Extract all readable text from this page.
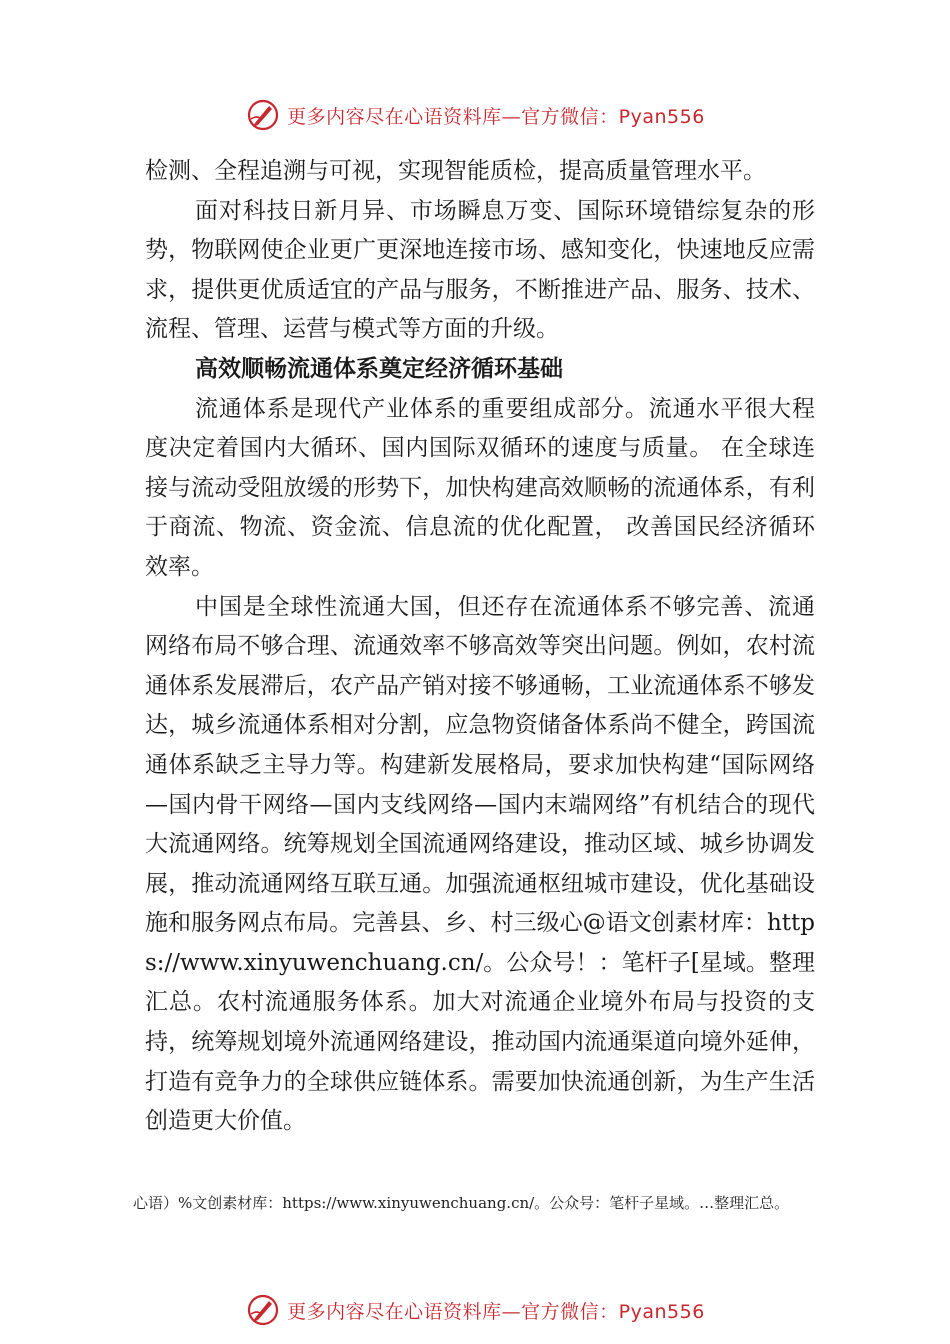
更多内容尽在心语资料库—官方微信：Pyan556

检测、全程追溯与可视，实现智能质检，提高质量管理水平。

面对科技日新月异、市场瞬息万变、国际环境错综复杂的形势，物联网使企业更广更深地连接市场、感知变化，快速地反应需求，提供更优质适宜的产品与服务，不断推进产品、服务、技术、流程、管理、运营与模式等方面的升级。

高效顺畅流通体系奠定经济循环基础

流通体系是现代产业体系的重要组成部分。流通水平很大程度决定着国内大循环、国内国际双循环的速度与质量。 在全球连接与流动受阻放缓的形势下，加快构建高效顺畅的流通体系，有利于商流、物流、资金流、信息流的优化配置， 改善国民经济循环效率。

中国是全球性流通大国，但还存在流通体系不够完善、流通网络布局不够合理、流通效率不够高效等突出问题。例如，农村流通体系发展滞后，农产品产销对接不够通畅，工业流通体系不够发达，城乡流通体系相对分割，应急物资储备体系尚不健全，跨国流通体系缺乏主导力等。构建新发展格局，要求加快构建“国际网络—国内骨干网络—国内支线网络—国内末端网络”有机结合的现代大流通网络。统筹规划全国流通网络建设，推动区域、城乡协调发展，推动流通网络互联互通。加强流通枢纽城市建设，优化基础设施和服务网点布局。完善县、乡、村三级心@语文创素材库：https://www.xinyuwenchuang.cn/。公众号！：笔杆子[星域。整理汇总。农村流通服务体系。加大对流通企业境外布局与投资的支持，统筹规划境外流通网络建设，推动国内流通渠道向境外延伸，打造有竞争力的全球供应链体系。需要加快流通创新，为生产生活创造更大价值。

心语）%文创素材库：https://www.xinyuwenchuang.cn/。公众号：笔杆子星域。…整理汇总。

更多内容尽在心语资料库—官方微信：Pyan556
